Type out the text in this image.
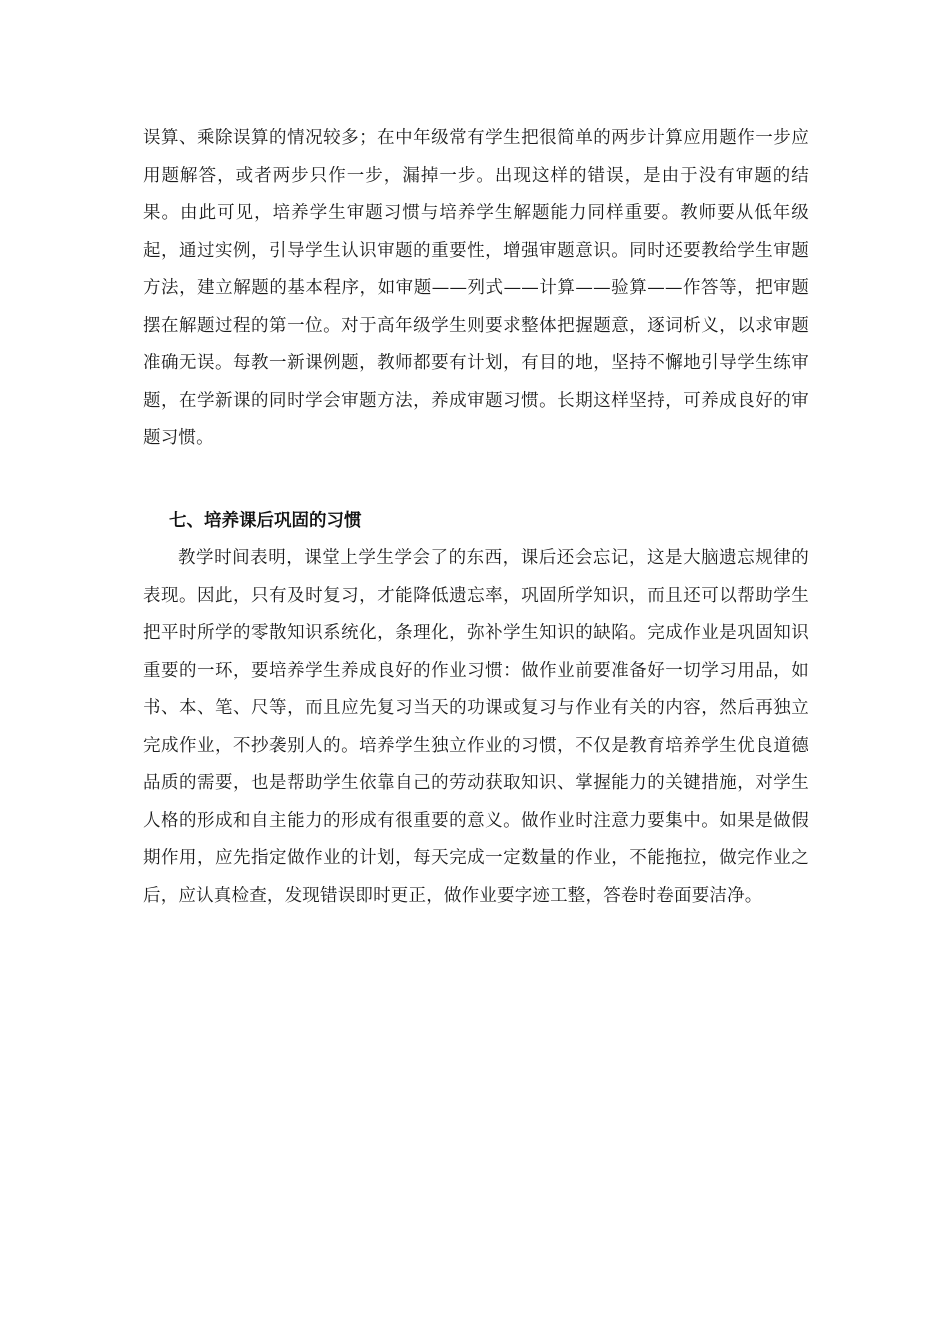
误算、乘除误算的情况较多；在中年级常有学生把很简单的两步计算应用题作一步应用题解答，或者两步只作一步，漏掉一步。出现这样的错误，是由于没有审题的结果。由此可见，培养学生审题习惯与培养学生解题能力同样重要。教师要从低年级起，通过实例，引导学生认识审题的重要性，增强审题意识。同时还要教给学生审题方法，建立解题的基本程序，如审题——列式——计算——验算——作答等，把审题摆在解题过程的第一位。对于高年级学生则要求整体把握题意，逐词析义，以求审题准确无误。每教一新课例题，教师都要有计划，有目的地，坚持不懈地引导学生练审题，在学新课的同时学会审题方法，养成审题习惯。长期这样坚持，可养成良好的审题习惯。

七、培养课后巩固的习惯

教学时间表明，课堂上学生学会了的东西，课后还会忘记，这是大脑遗忘规律的表现。因此，只有及时复习，才能降低遗忘率，巩固所学知识，而且还可以帮助学生把平时所学的零散知识系统化，条理化，弥补学生知识的缺陷。完成作业是巩固知识重要的一环，要培养学生养成良好的作业习惯：做作业前要准备好一切学习用品，如书、本、笔、尺等，而且应先复习当天的功课或复习与作业有关的内容，然后再独立完成作业，不抄袭别人的。培养学生独立作业的习惯，不仅是教育培养学生优良道德品质的需要，也是帮助学生依靠自己的劳动获取知识、掌握能力的关键措施，对学生人格的形成和自主能力的形成有很重要的意义。做作业时注意力要集中。如果是做假期作用，应先指定做作业的计划，每天完成一定数量的作业，不能拖拉，做完作业之后，应认真检查，发现错误即时更正，做作业要字迹工整，答卷时卷面要洁净。
